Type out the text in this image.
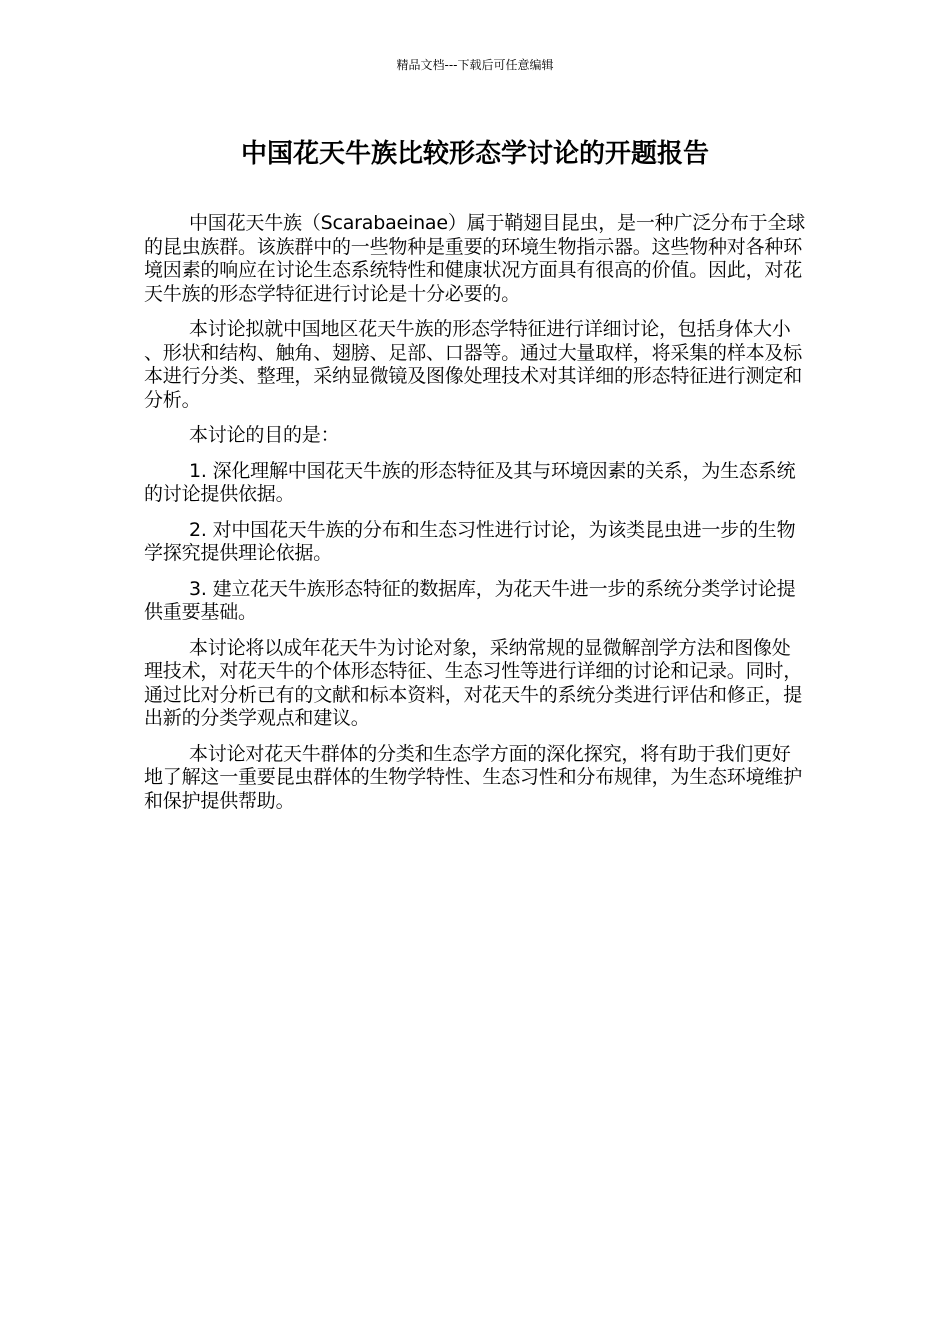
精品文档---下载后可任意编辑
中国花天牛族比较形态学讨论的开题报告

中国花天牛族（Scarabaeinae）属于鞘翅目昆虫，是一种广泛分布于全球的昆虫族群。该族群中的一些物种是重要的环境生物指示器。这些物种对各种环境因素的响应在讨论生态系统特性和健康状况方面具有很高的价值。因此，对花天牛族的形态学特征进行讨论是十分必要的。

本讨论拟就中国地区花天牛族的形态学特征进行详细讨论，包括身体大小、形状和结构、触角、翅膀、足部、口器等。通过大量取样，将采集的样本及标本进行分类、整理，采纳显微镜及图像处理技术对其详细的形态特征进行测定和分析。

本讨论的目的是：

1. 深化理解中国花天牛族的形态特征及其与环境因素的关系，为生态系统的讨论提供依据。

2. 对中国花天牛族的分布和生态习性进行讨论，为该类昆虫进一步的生物学探究提供理论依据。

3. 建立花天牛族形态特征的数据库，为花天牛进一步的系统分类学讨论提供重要基础。

本讨论将以成年花天牛为讨论对象，采纳常规的显微解剖学方法和图像处理技术，对花天牛的个体形态特征、生态习性等进行详细的讨论和记录。同时，通过比对分析已有的文献和标本资料，对花天牛的系统分类进行评估和修正，提出新的分类学观点和建议。

本讨论对花天牛群体的分类和生态学方面的深化探究，将有助于我们更好地了解这一重要昆虫群体的生物学特性、生态习性和分布规律，为生态环境维护和保护提供帮助。
